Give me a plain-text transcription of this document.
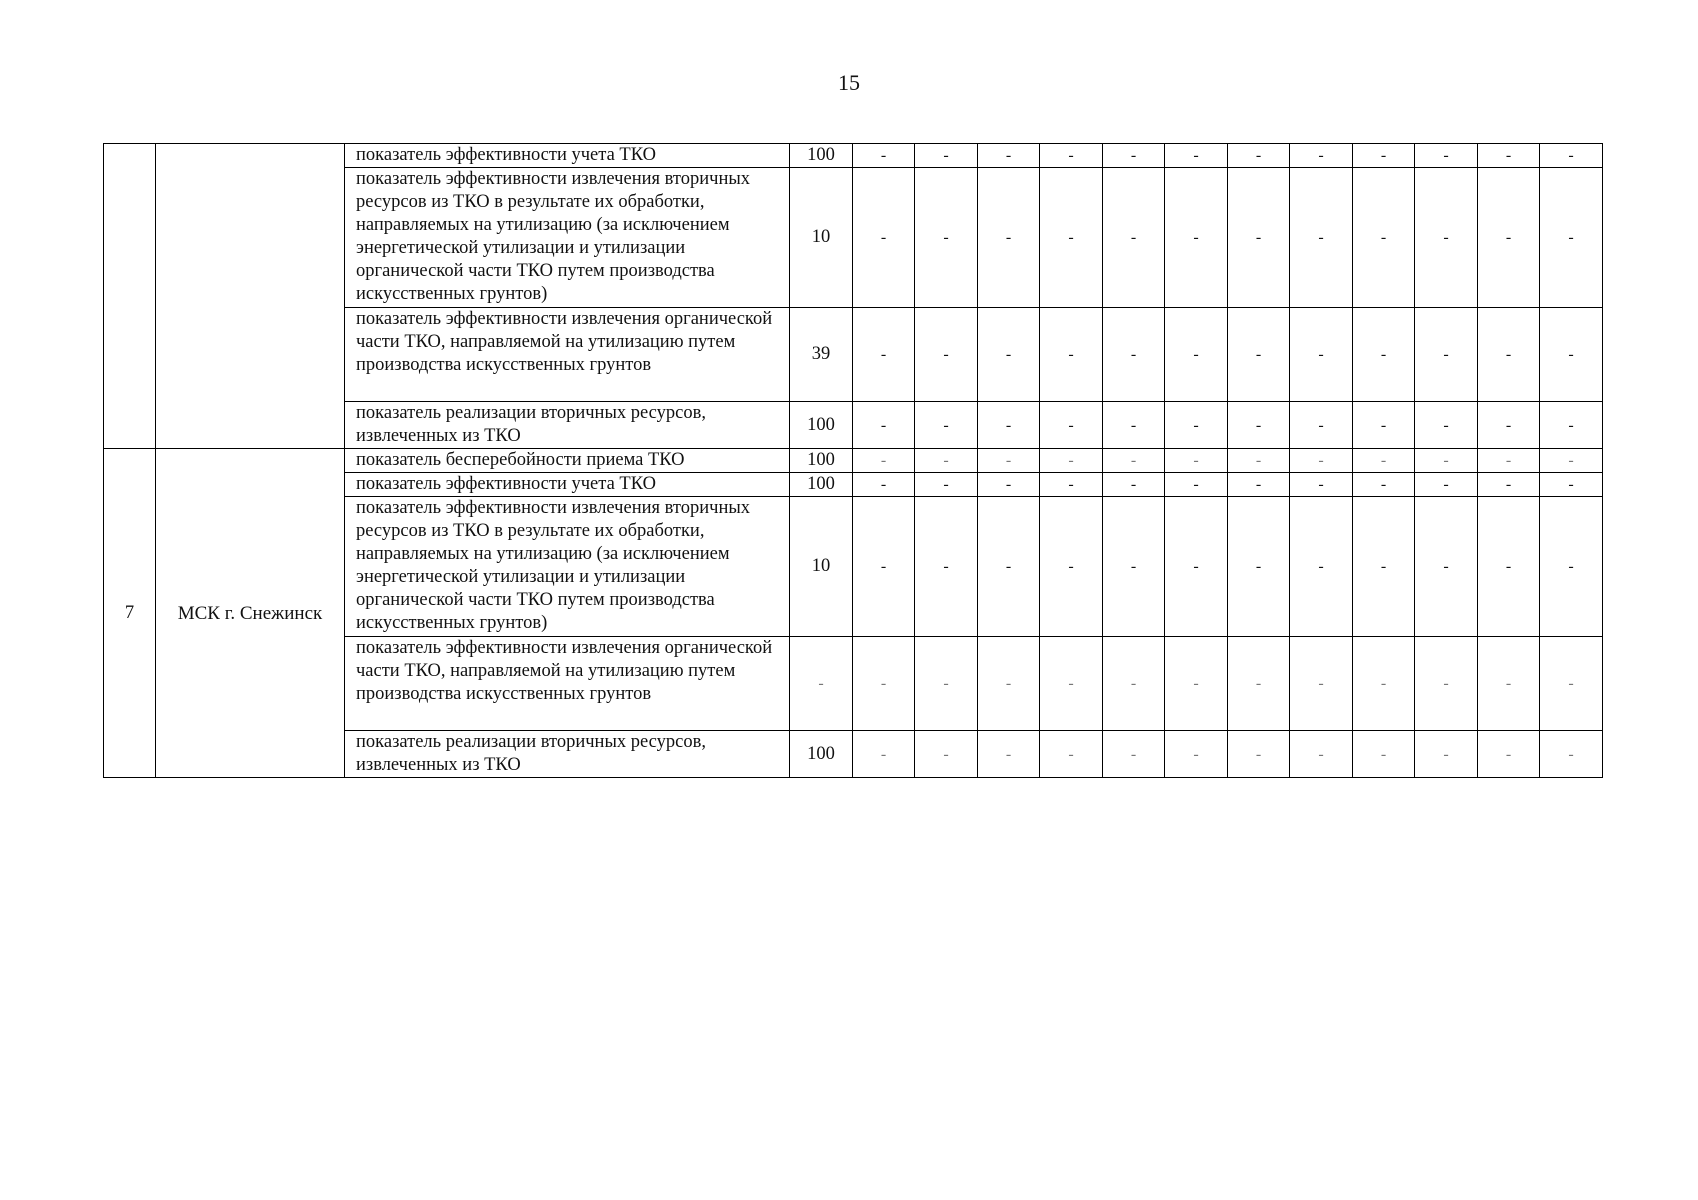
15
		показатель эффективности учета ТКО	100	-	-	-	-	-	-	-	-	-	-	-	-
		показатель эффективности извлечения вторичных ресурсов из ТКО в результате их обработки, направляемых на утилизацию (за исключением энергетической утилизации и утилизации органической части ТКО путем производства искусственных грунтов)	10	-	-	-	-	-	-	-	-	-	-	-	-
		показатель эффективности извлечения органической части ТКО, направляемой на утилизацию путем производства искусственных грунтов	39	-	-	-	-	-	-	-	-	-	-	-	-
		показатель реализации вторичных ресурсов, извлеченных из ТКО	100	-	-	-	-	-	-	-	-	-	-	-	-
7	МСК г. Снежинск	показатель бесперебойности приема ТКО	100	-	-	-	-	-	-	-	-	-	-	-	-
		показатель эффективности учета ТКО	100	-	-	-	-	-	-	-	-	-	-	-	-
		показатель эффективности извлечения вторичных ресурсов из ТКО в результате их обработки, направляемых на утилизацию (за исключением энергетической утилизации и утилизации органической части ТКО путем производства искусственных грунтов)	10	-	-	-	-	-	-	-	-	-	-	-	-
		показатель эффективности извлечения органической части ТКО, направляемой на утилизацию путем производства искусственных грунтов	-	-	-	-	-	-	-	-	-	-	-	-	-
		показатель реализации вторичных ресурсов, извлеченных из ТКО	100	-	-	-	-	-	-	-	-	-	-	-	-
